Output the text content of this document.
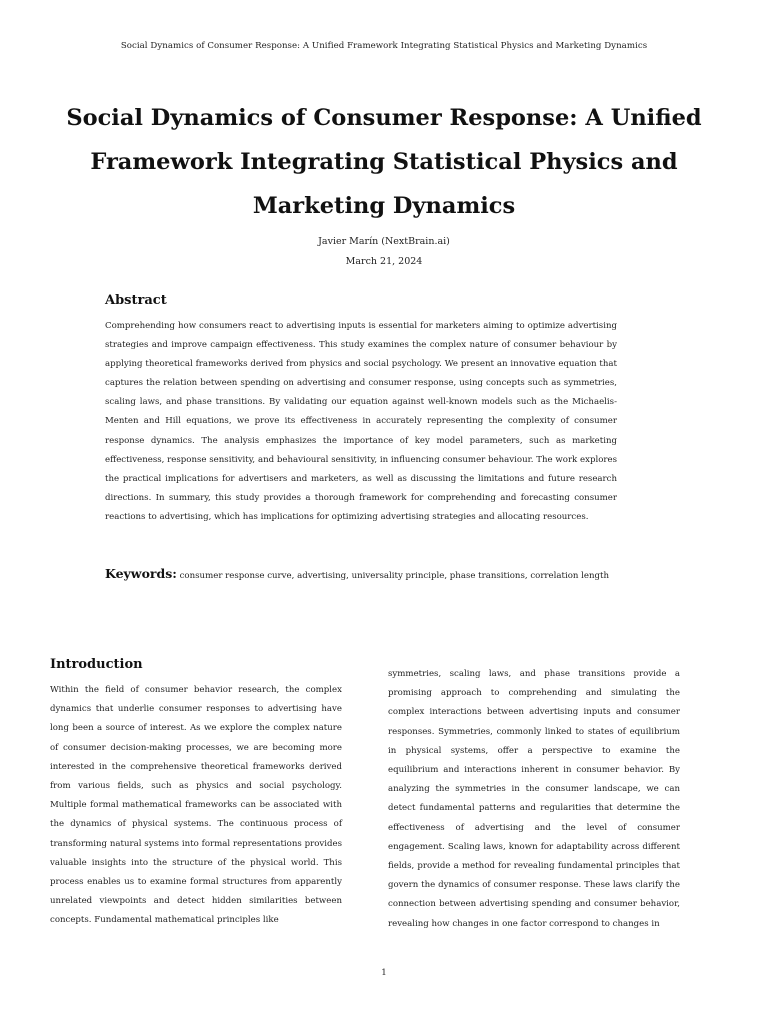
Social Dynamics of Consumer Response: A Unified Framework Integrating Statistical Physics and Marketing Dynamics
Social Dynamics of Consumer Response: A Unified Framework Integrating Statistical Physics and Marketing Dynamics
Javier Marín (NextBrain.ai)
March 21, 2024
Abstract

Comprehending how consumers react to advertising inputs is essential for marketers aiming to optimize advertising strategies and improve campaign effectiveness. This study examines the complex nature of consumer behaviour by applying theoretical frameworks derived from physics and social psychology. We present an innovative equation that captures the relation between spending on advertising and consumer response, using concepts such as symmetries, scaling laws, and phase transitions. By validating our equation against well-known models such as the Michaelis-Menten and Hill equations, we prove its effectiveness in accurately representing the complexity of consumer response dynamics. The analysis emphasizes the importance of key model parameters, such as marketing effectiveness, response sensitivity, and behavioural sensitivity, in influencing consumer behaviour. The work explores the practical implications for advertisers and marketers, as well as discussing the limitations and future research directions. In summary, this study provides a thorough framework for comprehending and forecasting consumer reactions to advertising, which has implications for optimizing advertising strategies and allocating resources.

Keywords: consumer response curve, advertising, universality principle, phase transitions, correlation length
Introduction

Within the field of consumer behavior research, the complex dynamics that underlie consumer responses to advertising have long been a source of interest. As we explore the complex nature of consumer decision-making processes, we are becoming more interested in the comprehensive theoretical frameworks derived from various fields, such as physics and social psychology. Multiple formal mathematical frameworks can be associated with the dynamics of physical systems. The continuous process of transforming natural systems into formal representations provides valuable insights into the structure of the physical world. This process enables us to examine formal structures from apparently unrelated viewpoints and detect hidden similarities between concepts. Fundamental mathematical principles like

symmetries, scaling laws, and phase transitions provide a promising approach to comprehending and simulating the complex interactions between advertising inputs and consumer responses. Symmetries, commonly linked to states of equilibrium in physical systems, offer a perspective to examine the equilibrium and interactions inherent in consumer behavior. By analyzing the symmetries in the consumer landscape, we can detect fundamental patterns and regularities that determine the effectiveness of advertising and the level of consumer engagement. Scaling laws, known for adaptability across different fields, provide a method for revealing fundamental principles that govern the dynamics of consumer response. These laws clarify the connection between advertising spending and consumer behavior, revealing how changes in one factor correspond to changes in

1
